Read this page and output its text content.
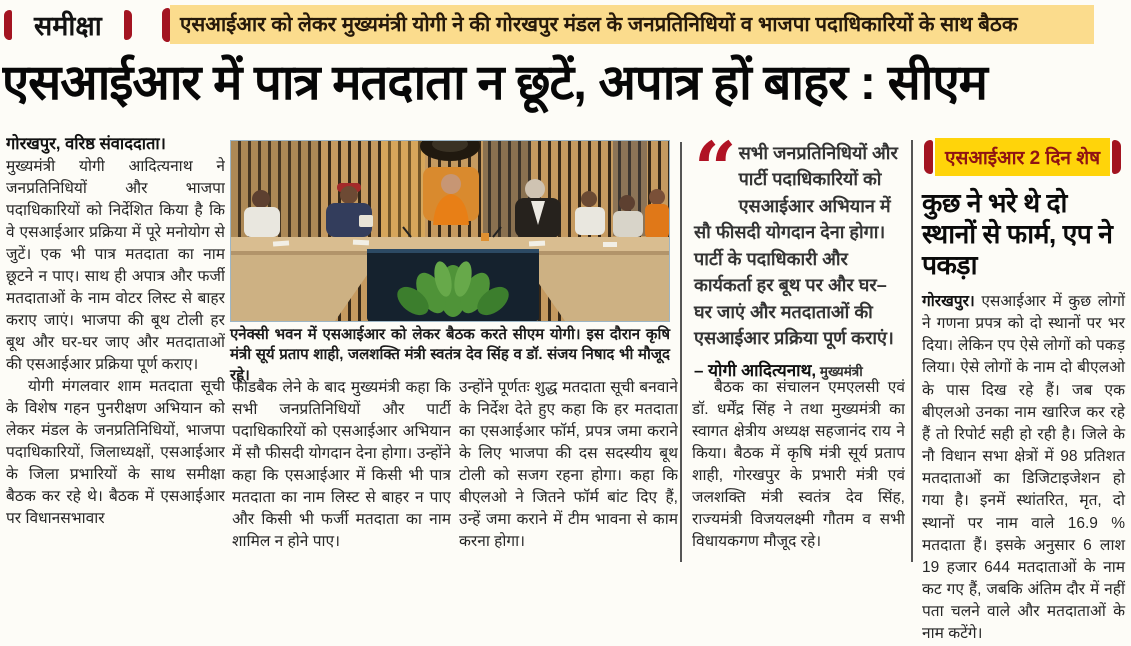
समीक्षा	एसआईआर को लेकर मुख्यमंत्री योगी ने की गोरखपुर मंडल के जनप्रतिनिधियों व भाजपा पदाधिकारियों के साथ बैठक
एसआईआर में पात्र मतदाता न छूटें, अपात्र हों बाहर : सीएम
गोरखपुर, वरिष्ठ संवाददाता।
मुख्यमंत्री योगी आदित्यनाथ ने जनप्रतिनिधियों और भाजपा पदाधिकारियों को निर्देशित किया है कि वे एसआईआर प्रक्रिया में पूरे मनोयोग से जुटें। एक भी पात्र मतदाता का नाम छूटने न पाए। साथ ही अपात्र और फर्जी मतदाताओं के नाम वोटर लिस्ट से बाहर कराए जाएं। भाजपा की बूथ टोली हर बूथ और घर-घर जाए और मतदाताओं की एसआईआर प्रक्रिया पूर्ण कराए।
योगी मंगलवार शाम मतदाता सूची के विशेष गहन पुनरीक्षण अभियान को लेकर मंडल के जनप्रतिनिधियों, भाजपा पदाधिकारियों, जिलाध्यक्षों, एसआईआर के जिला प्रभारियों के साथ समीक्षा बैठक कर रहे थे। बैठक में एसआईआर पर विधानसभावार
एनेक्सी भवन में एसआईआर को लेकर बैठक करते सीएम योगी। इस दौरान कृषि मंत्री सूर्य प्रताप शाही, जलशक्ति मंत्री स्वतंत्र देव सिंह व डॉ. संजय निषाद भी मौजूद रहे।
“ सभी जनप्रतिनिधियों और पार्टी पदाधिकारियों को एसआईआर अभियान में सौ फीसदी योगदान देना होगा। पार्टी के पदाधिकारी और कार्यकर्ता हर बूथ पर और घर–घर जाएं और मतदाताओं की एसआईआर प्रक्रिया पूर्ण कराएं।
– योगी आदित्यनाथ, मुख्यमंत्री
फीडबैक लेने के बाद मुख्यमंत्री कहा कि सभी जनप्रतिनिधियों और पार्टी पदाधिकारियों को एसआईआर अभियान में सौ फीसदी योगदान देना होगा। उन्होंने कहा कि एसआईआर में किसी भी पात्र मतदाता का नाम लिस्ट से बाहर न पाए और किसी भी फर्जी मतदाता का नाम शामिल न होने पाए।
उन्होंने पूर्णतः शुद्ध मतदाता सूची बनवाने के निर्देश देते हुए कहा कि हर मतदाता का एसआईआर फॉर्म, प्रपत्र जमा कराने के लिए भाजपा की दस सदस्यीय बूथ टोली को सजग रहना होगा। कहा कि बीएलओ ने जितने फॉर्म बांट दिए हैं, उन्हें जमा कराने में टीम भावना से काम करना होगा।
बैठक का संचालन एमएलसी एवं डॉ. धर्मेंद्र सिंह ने तथा मुख्यमंत्री का स्वागत क्षेत्रीय अध्यक्ष सहजानंद राय ने किया। बैठक में कृषि मंत्री सूर्य प्रताप शाही, गोरखपुर के प्रभारी मंत्री एवं जलशक्ति मंत्री स्वतंत्र देव सिंह, राज्यमंत्री विजयलक्ष्मी गौतम व सभी विधायकगण मौजूद रहे।
एसआईआर 2 दिन शेष
कुछ ने भरे थे दो स्थानों से फार्म, एप ने पकड़ा
गोरखपुर। एसआईआर में कुछ लोगों ने गणना प्रपत्र को दो स्थानों पर भर दिया। लेकिन एप ऐसे लोगों को पकड़ लिया। ऐसे लोगों के नाम दो बीएलओ के पास दिख रहे हैं। जब एक बीएलओ उनका नाम खारिज कर रहे हैं तो रिपोर्ट सही हो रही है। जिले के नौ विधान सभा क्षेत्रों में 98 प्रतिशत मतदाताओं का डिजिटाइजेशन हो गया है। इनमें स्थांतरित, मृत, दो स्थानों पर नाम वाले 16.9 % मतदाता हैं। इसके अनुसार 6 लाश 19 हजार 644 मतदाताओं के नाम कट गए हैं, जबकि अंतिम दौर में नहीं पता चलने वाले और मतदाताओं के नाम कटेंगे।
